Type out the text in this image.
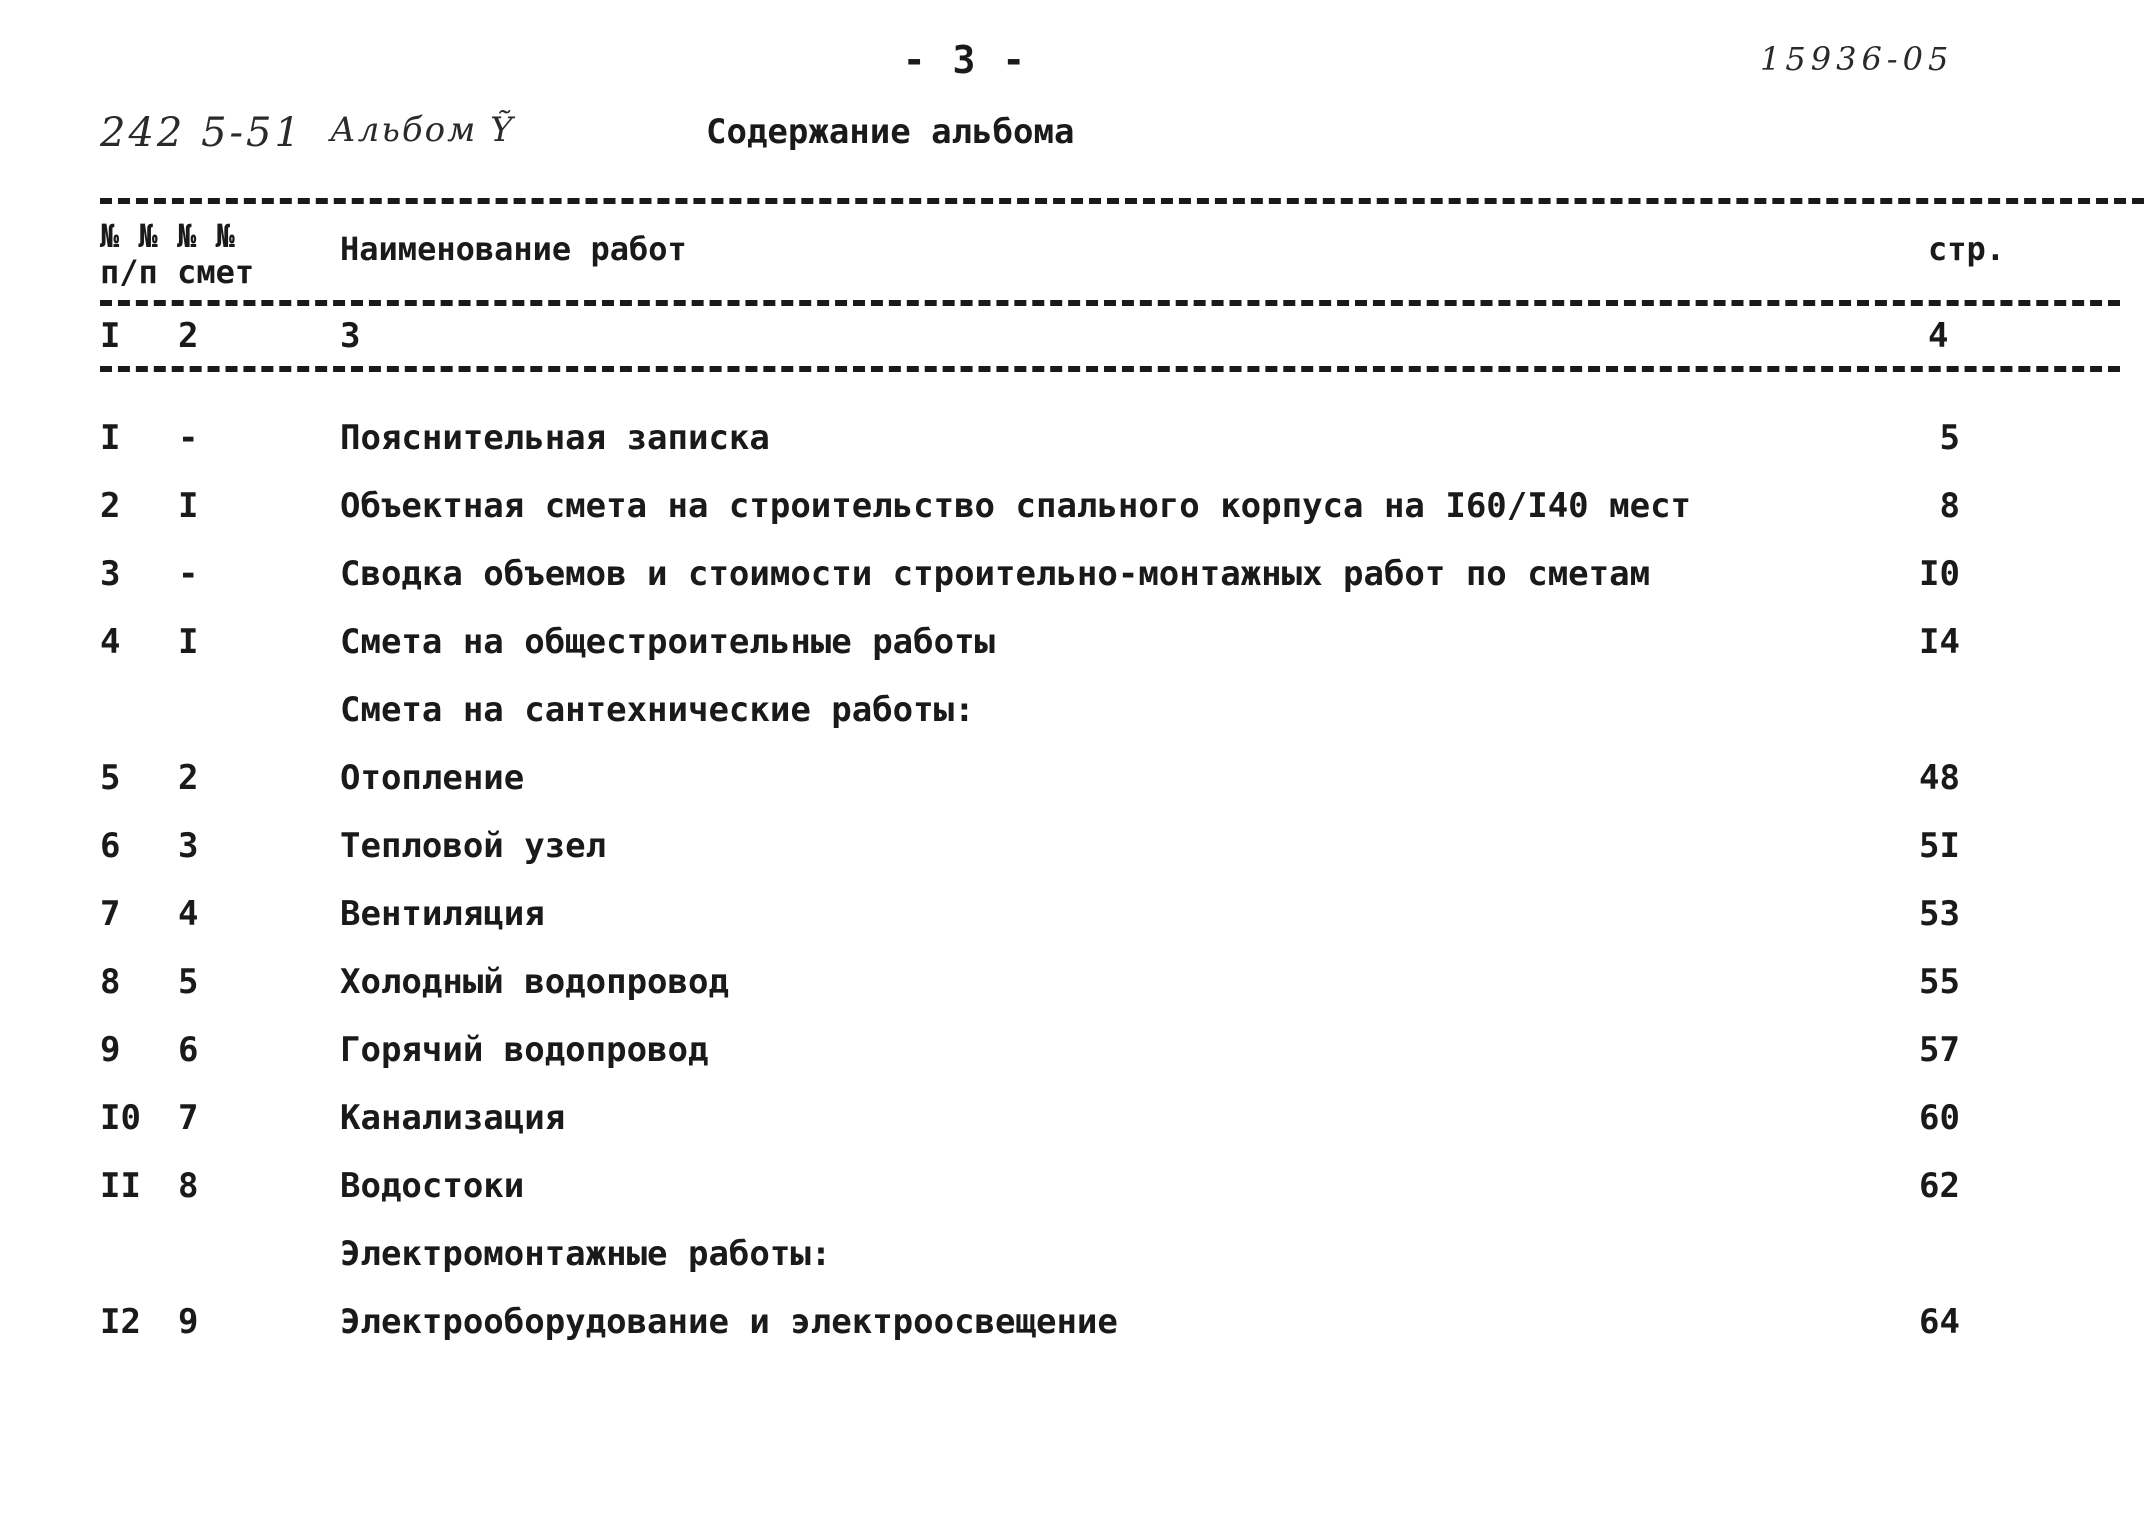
- 3 -	15936-05
242 5-51 Альбом Ỹ	Содержание альбома
№ № № №
п/п смет
Наименование работ	стр.
I 2	3	4
I -	Пояснительная записка	5
2 I	Объектная смета на строительство спального корпуса на I60/I40 мест	8
3 -	Сводка объемов и стоимости строительно-монтажных работ по сметам	I0
4 I	Смета на общестроительные работы	I4
Смета на сантехнические работы:
5 2	Отопление	48
6 3	Тепловой узел	5I
7 4	Вентиляция	53
8 5	Холодный водопровод	55
9 6	Горячий водопровод	57
I0 7	Канализация	60
II 8	Водостоки	62
Электромонтажные работы:
I2 9	Электрооборудование и электроосвещение	64
